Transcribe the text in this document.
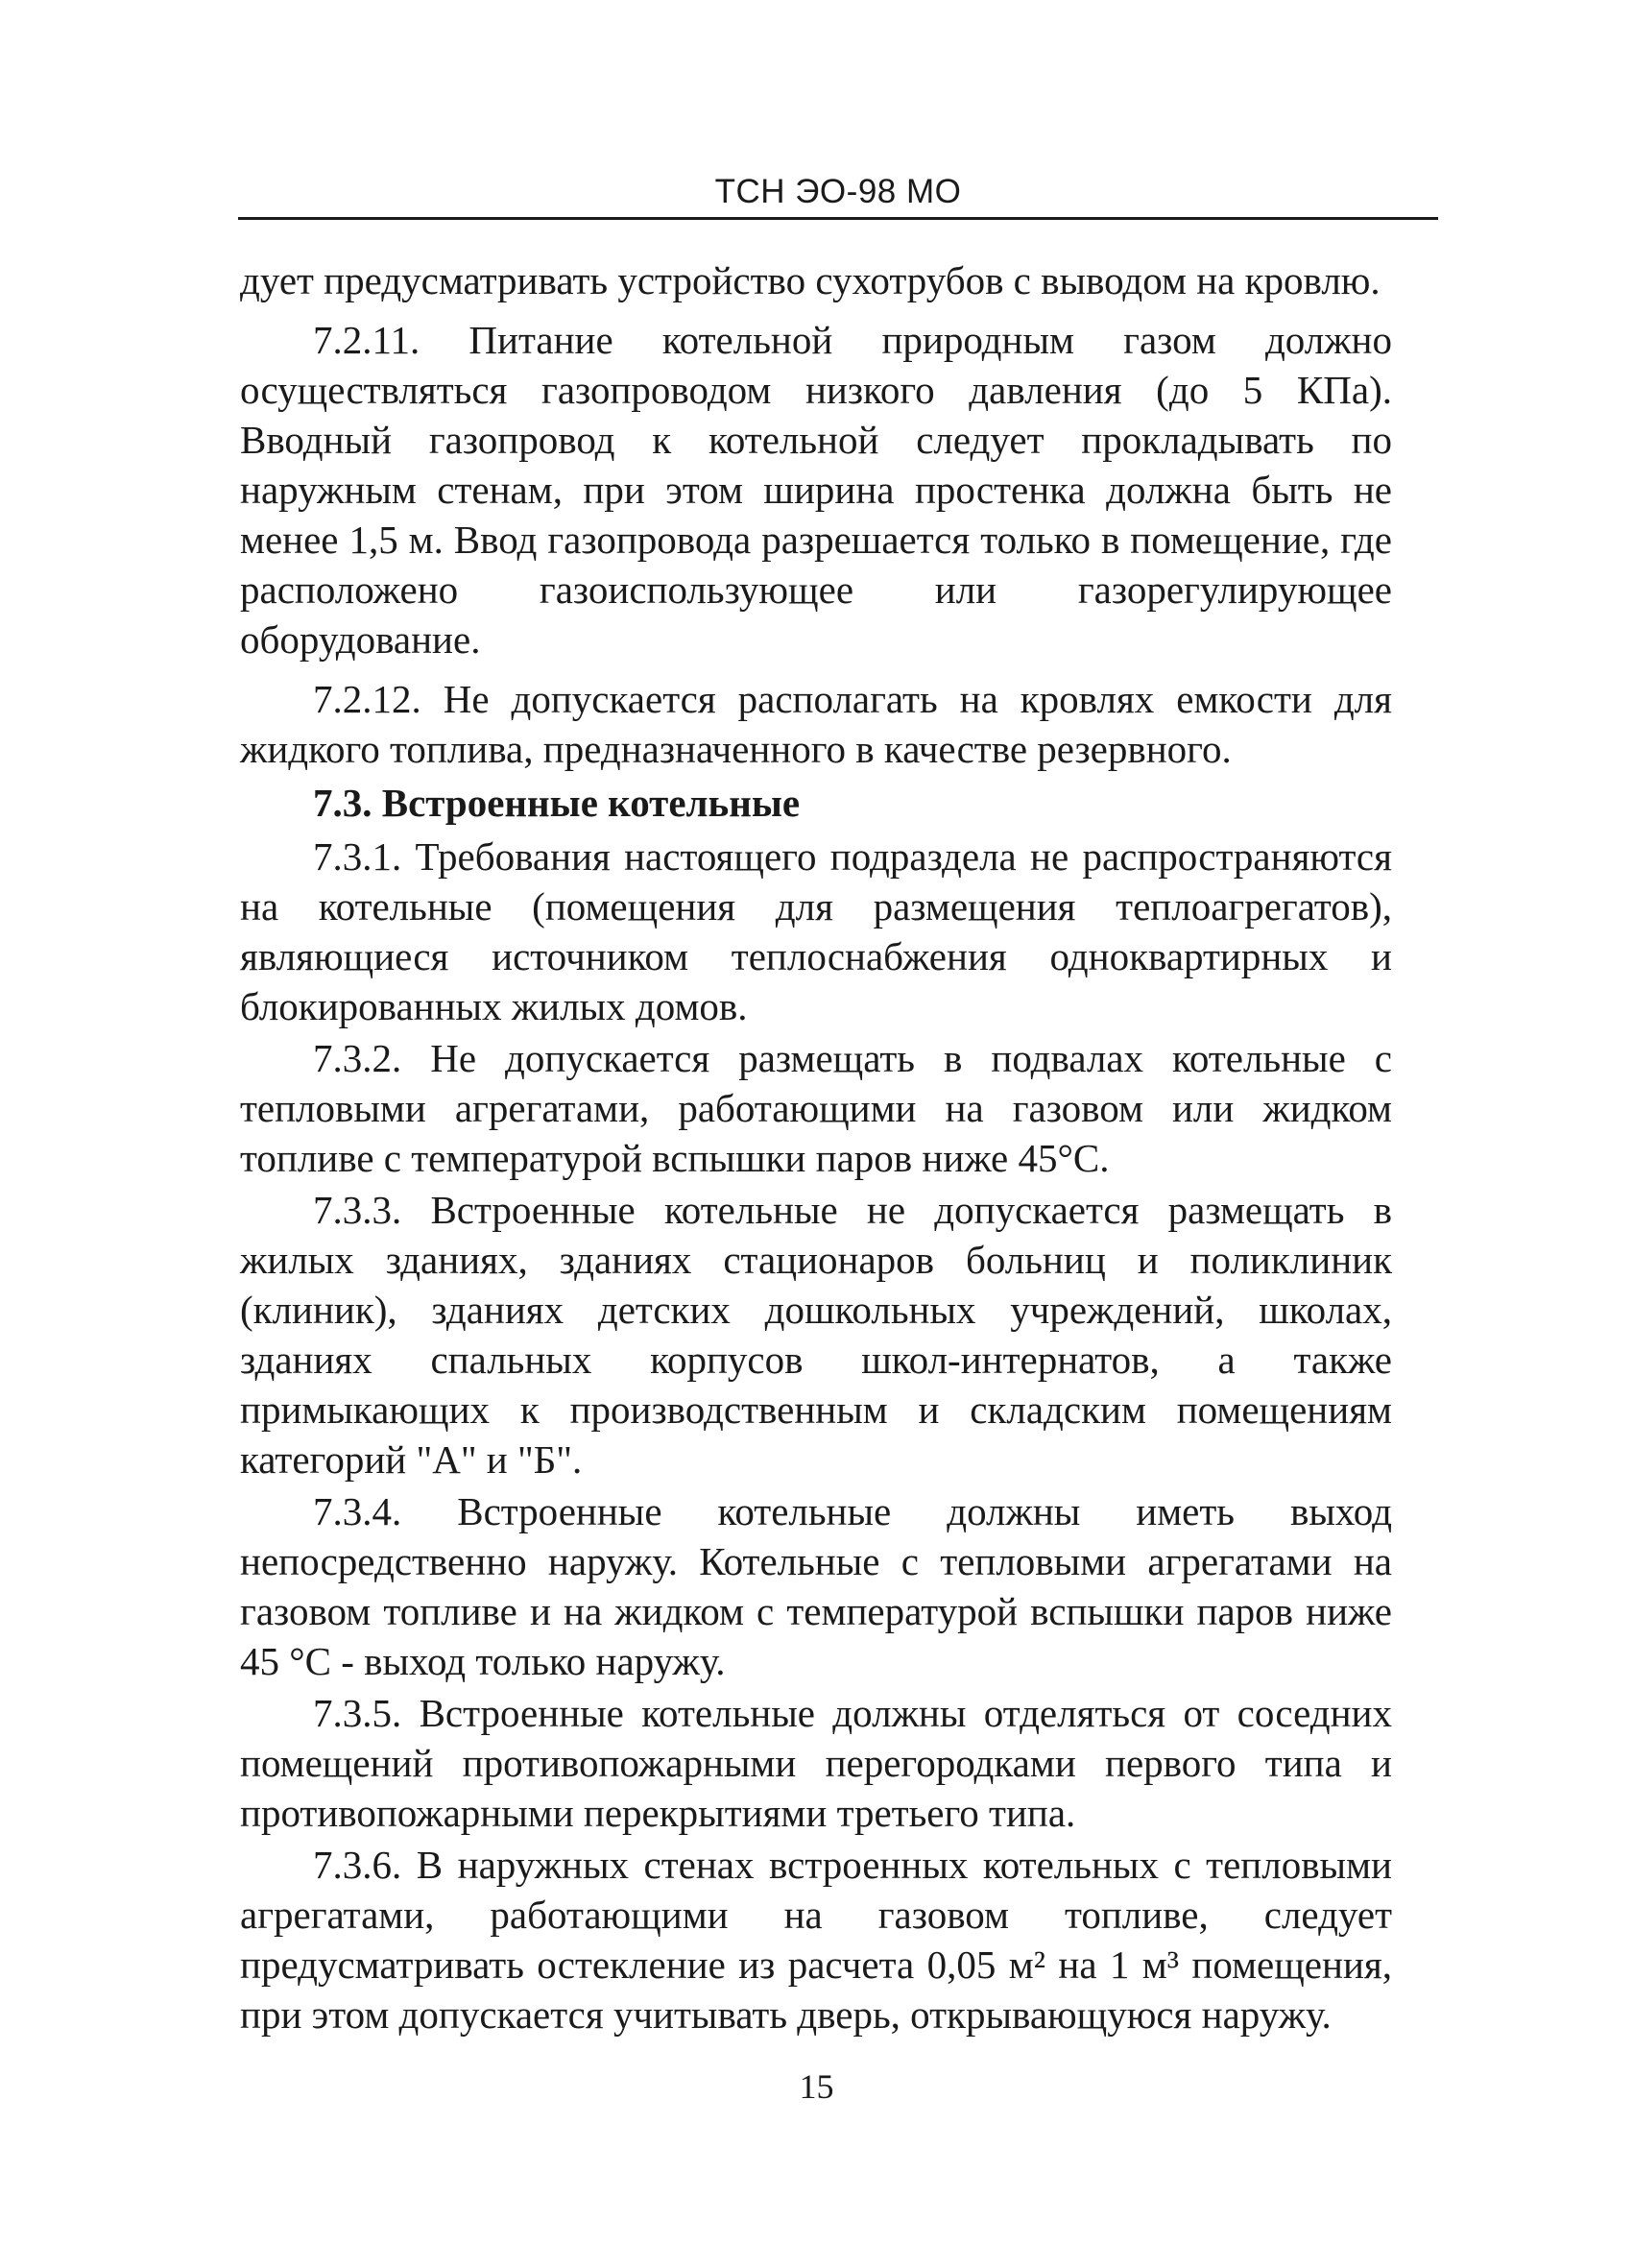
ТСН ЭО-98 МО

дует предусматривать устройство сухотрубов с выводом на кровлю.

7.2.11. Питание котельной природным газом должно осуществляться газопроводом низкого давления (до 5 КПа). Вводный газопровод к котельной следует прокладывать по наружным стенам, при этом ширина простенка должна быть не менее 1,5 м. Ввод газопровода разрешается только в помещение, где расположено газоиспользующее или газорегулирующее оборудование.

7.2.12. Не допускается располагать на кровлях емкости для жидкого топлива, предназначенного в качестве резервного.

7.3. Встроенные котельные

7.3.1. Требования настоящего подраздела не распространяются на котельные (помещения для размещения теплоагрегатов), являющиеся источником теплоснабжения одноквартирных и блокированных жилых домов.

7.3.2. Не допускается размещать в подвалах котельные с тепловыми агрегатами, работающими на газовом или жидком топливе с температурой вспышки паров ниже 45°С.

7.3.3. Встроенные котельные не допускается размещать в жилых зданиях, зданиях стационаров больниц и поликлиник (клиник), зданиях детских дошкольных учреждений, школах, зданиях спальных корпусов школ-интернатов, а также примыкающих к производственным и складским помещениям категорий "А" и "Б".

7.3.4. Встроенные котельные должны иметь выход непосредственно наружу. Котельные с тепловыми агрегатами на газовом топливе и на жидком с температурой вспышки паров ниже 45 °С - выход только наружу.

7.3.5. Встроенные котельные должны отделяться от соседних помещений противопожарными перегородками первого типа и противопожарными перекрытиями третьего типа.

7.3.6. В наружных стенах встроенных котельных с тепловыми агрегатами, работающими на газовом топливе, следует предусматривать остекление из расчета 0,05 м² на 1 м³ помещения, при этом допускается учитывать дверь, открывающуюся наружу.

15
